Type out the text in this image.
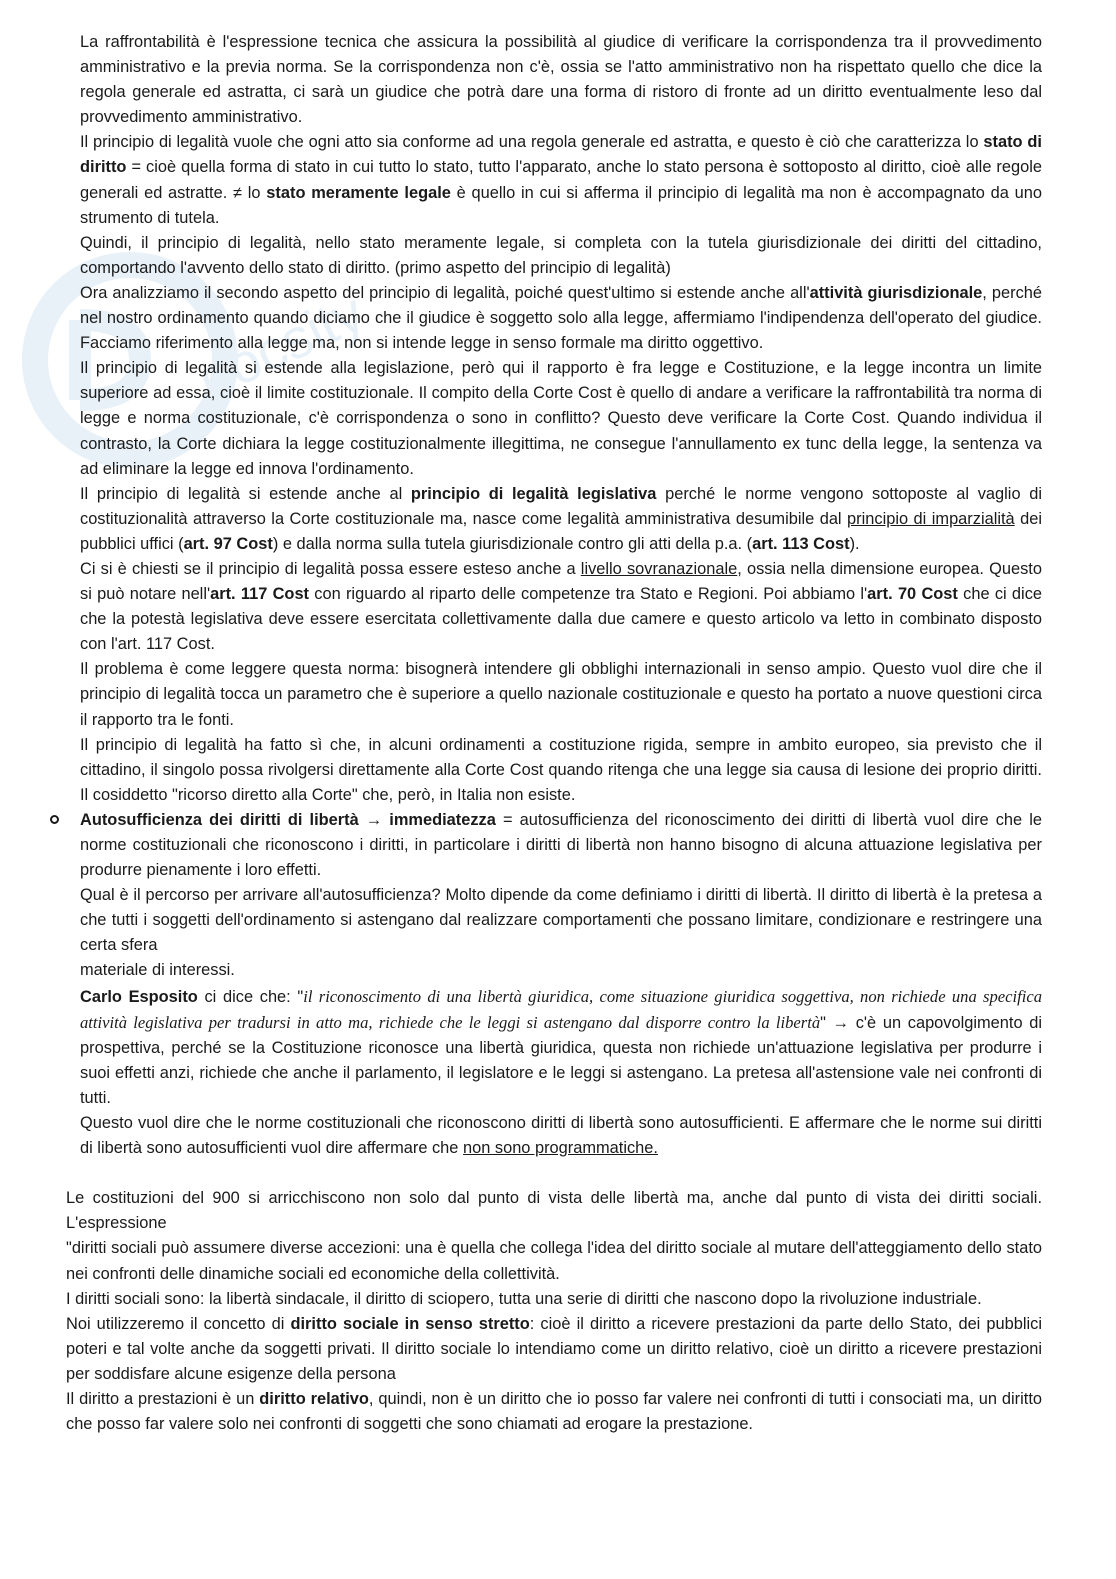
docsity

La raffrontabilità è l'espressione tecnica che assicura la possibilità al giudice di verificare la corrispondenza tra il provvedimento amministrativo e la previa norma. Se la corrispondenza non c'è, ossia se l'atto amministrativo non ha rispettato quello che dice la regola generale ed astratta, ci sarà un giudice che potrà dare una forma di ristoro di fronte ad un diritto eventualmente leso dal provvedimento amministrativo.

Il principio di legalità vuole che ogni atto sia conforme ad una regola generale ed astratta, e questo è ciò che caratterizza lo stato di diritto = cioè quella forma di stato in cui tutto lo stato, tutto l'apparato, anche lo stato persona è sottoposto al diritto, cioè alle regole generali ed astratte. ≠ lo stato meramente legale è quello in cui si afferma il principio di legalità ma non è accompagnato da uno strumento di tutela.

Quindi, il principio di legalità, nello stato meramente legale, si completa con la tutela giurisdizionale dei diritti del cittadino, comportando l'avvento dello stato di diritto. (primo aspetto del principio di legalità)

Ora analizziamo il secondo aspetto del principio di legalità, poiché quest'ultimo si estende anche all'attività giurisdizionale, perché nel nostro ordinamento quando diciamo che il giudice è soggetto solo alla legge, affermiamo l'indipendenza dell'operato del giudice. Facciamo riferimento alla legge ma, non si intende legge in senso formale ma diritto oggettivo.

Il principio di legalità si estende alla legislazione, però qui il rapporto è fra legge e Costituzione, e la legge incontra un limite superiore ad essa, cioè il limite costituzionale. Il compito della Corte Cost è quello di andare a verificare la raffrontabilità tra norma di legge e norma costituzionale, c'è corrispondenza o sono in conflitto? Questo deve verificare la Corte Cost. Quando individua il contrasto, la Corte dichiara la legge costituzionalmente illegittima, ne consegue l'annullamento ex tunc della legge, la sentenza va ad eliminare la legge ed innova l'ordinamento.

Il principio di legalità si estende anche al principio di legalità legislativa perché le norme vengono sottoposte al vaglio di costituzionalità attraverso la Corte costituzionale ma, nasce come legalità amministrativa desumibile dal principio di imparzialità dei pubblici uffici (art. 97 Cost) e dalla norma sulla tutela giurisdizionale contro gli atti della p.a. (art. 113 Cost).

Ci si è chiesti se il principio di legalità possa essere esteso anche a livello sovranazionale, ossia nella dimensione europea. Questo si può notare nell'art. 117 Cost con riguardo al riparto delle competenze tra Stato e Regioni. Poi abbiamo l'art. 70 Cost che ci dice che la potestà legislativa deve essere esercitata collettivamente dalla due camere e questo articolo va letto in combinato disposto con l'art. 117 Cost.

Il problema è come leggere questa norma: bisognerà intendere gli obblighi internazionali in senso ampio. Questo vuol dire che il principio di legalità tocca un parametro che è superiore a quello nazionale costituzionale e questo ha portato a nuove questioni circa il rapporto tra le fonti.

Il principio di legalità ha fatto sì che, in alcuni ordinamenti a costituzione rigida, sempre in ambito europeo, sia previsto che il cittadino, il singolo possa rivolgersi direttamente alla Corte Cost quando ritenga che una legge sia causa di lesione dei proprio diritti. Il cosiddetto "ricorso diretto alla Corte" che, però, in Italia non esiste.

Autosufficienza dei diritti di libertà → immediatezza = autosufficienza del riconoscimento dei diritti di libertà vuol dire che le norme costituzionali che riconoscono i diritti, in particolare i diritti di libertà non hanno bisogno di alcuna attuazione legislativa per produrre pienamente i loro effetti.

Qual è il percorso per arrivare all'autosufficienza? Molto dipende da come definiamo i diritti di libertà. Il diritto di libertà è la pretesa a che tutti i soggetti dell'ordinamento si astengano dal realizzare comportamenti che possano limitare, condizionare e restringere una certa sfera

materiale di interessi.

Carlo Esposito ci dice che: "il riconoscimento di una libertà giuridica, come situazione giuridica soggettiva, non richiede una specifica attività legislativa per tradursi in atto ma, richiede che le leggi si astengano dal disporre contro la libertà" → c'è un capovolgimento di prospettiva, perché se la Costituzione riconosce una libertà giuridica, questa non richiede un'attuazione legislativa per produrre i suoi effetti anzi, richiede che anche il parlamento, il legislatore e le leggi si astengano. La pretesa all'astensione vale nei confronti di tutti.

Questo vuol dire che le norme costituzionali che riconoscono diritti di libertà sono autosufficienti. E affermare che le norme sui diritti di libertà sono autosufficienti vuol dire affermare che non sono programmatiche.

Le costituzioni del 900 si arricchiscono non solo dal punto di vista delle libertà ma, anche dal punto di vista dei diritti sociali. L'espressione

"diritti sociali può assumere diverse accezioni: una è quella che collega l'idea del diritto sociale al mutare dell'atteggiamento dello stato nei confronti delle dinamiche sociali ed economiche della collettività.

I diritti sociali sono: la libertà sindacale, il diritto di sciopero, tutta una serie di diritti che nascono dopo la rivoluzione industriale.

Noi utilizzeremo il concetto di diritto sociale in senso stretto: cioè il diritto a ricevere prestazioni da parte dello Stato, dei pubblici poteri e tal volte anche da soggetti privati. Il diritto sociale lo intendiamo come un diritto relativo, cioè un diritto a ricevere prestazioni per soddisfare alcune esigenze della persona

Il diritto a prestazioni è un diritto relativo, quindi, non è un diritto che io posso far valere nei confronti di tutti i consociati ma, un diritto che posso far valere solo nei confronti di soggetti che sono chiamati ad erogare la prestazione.
